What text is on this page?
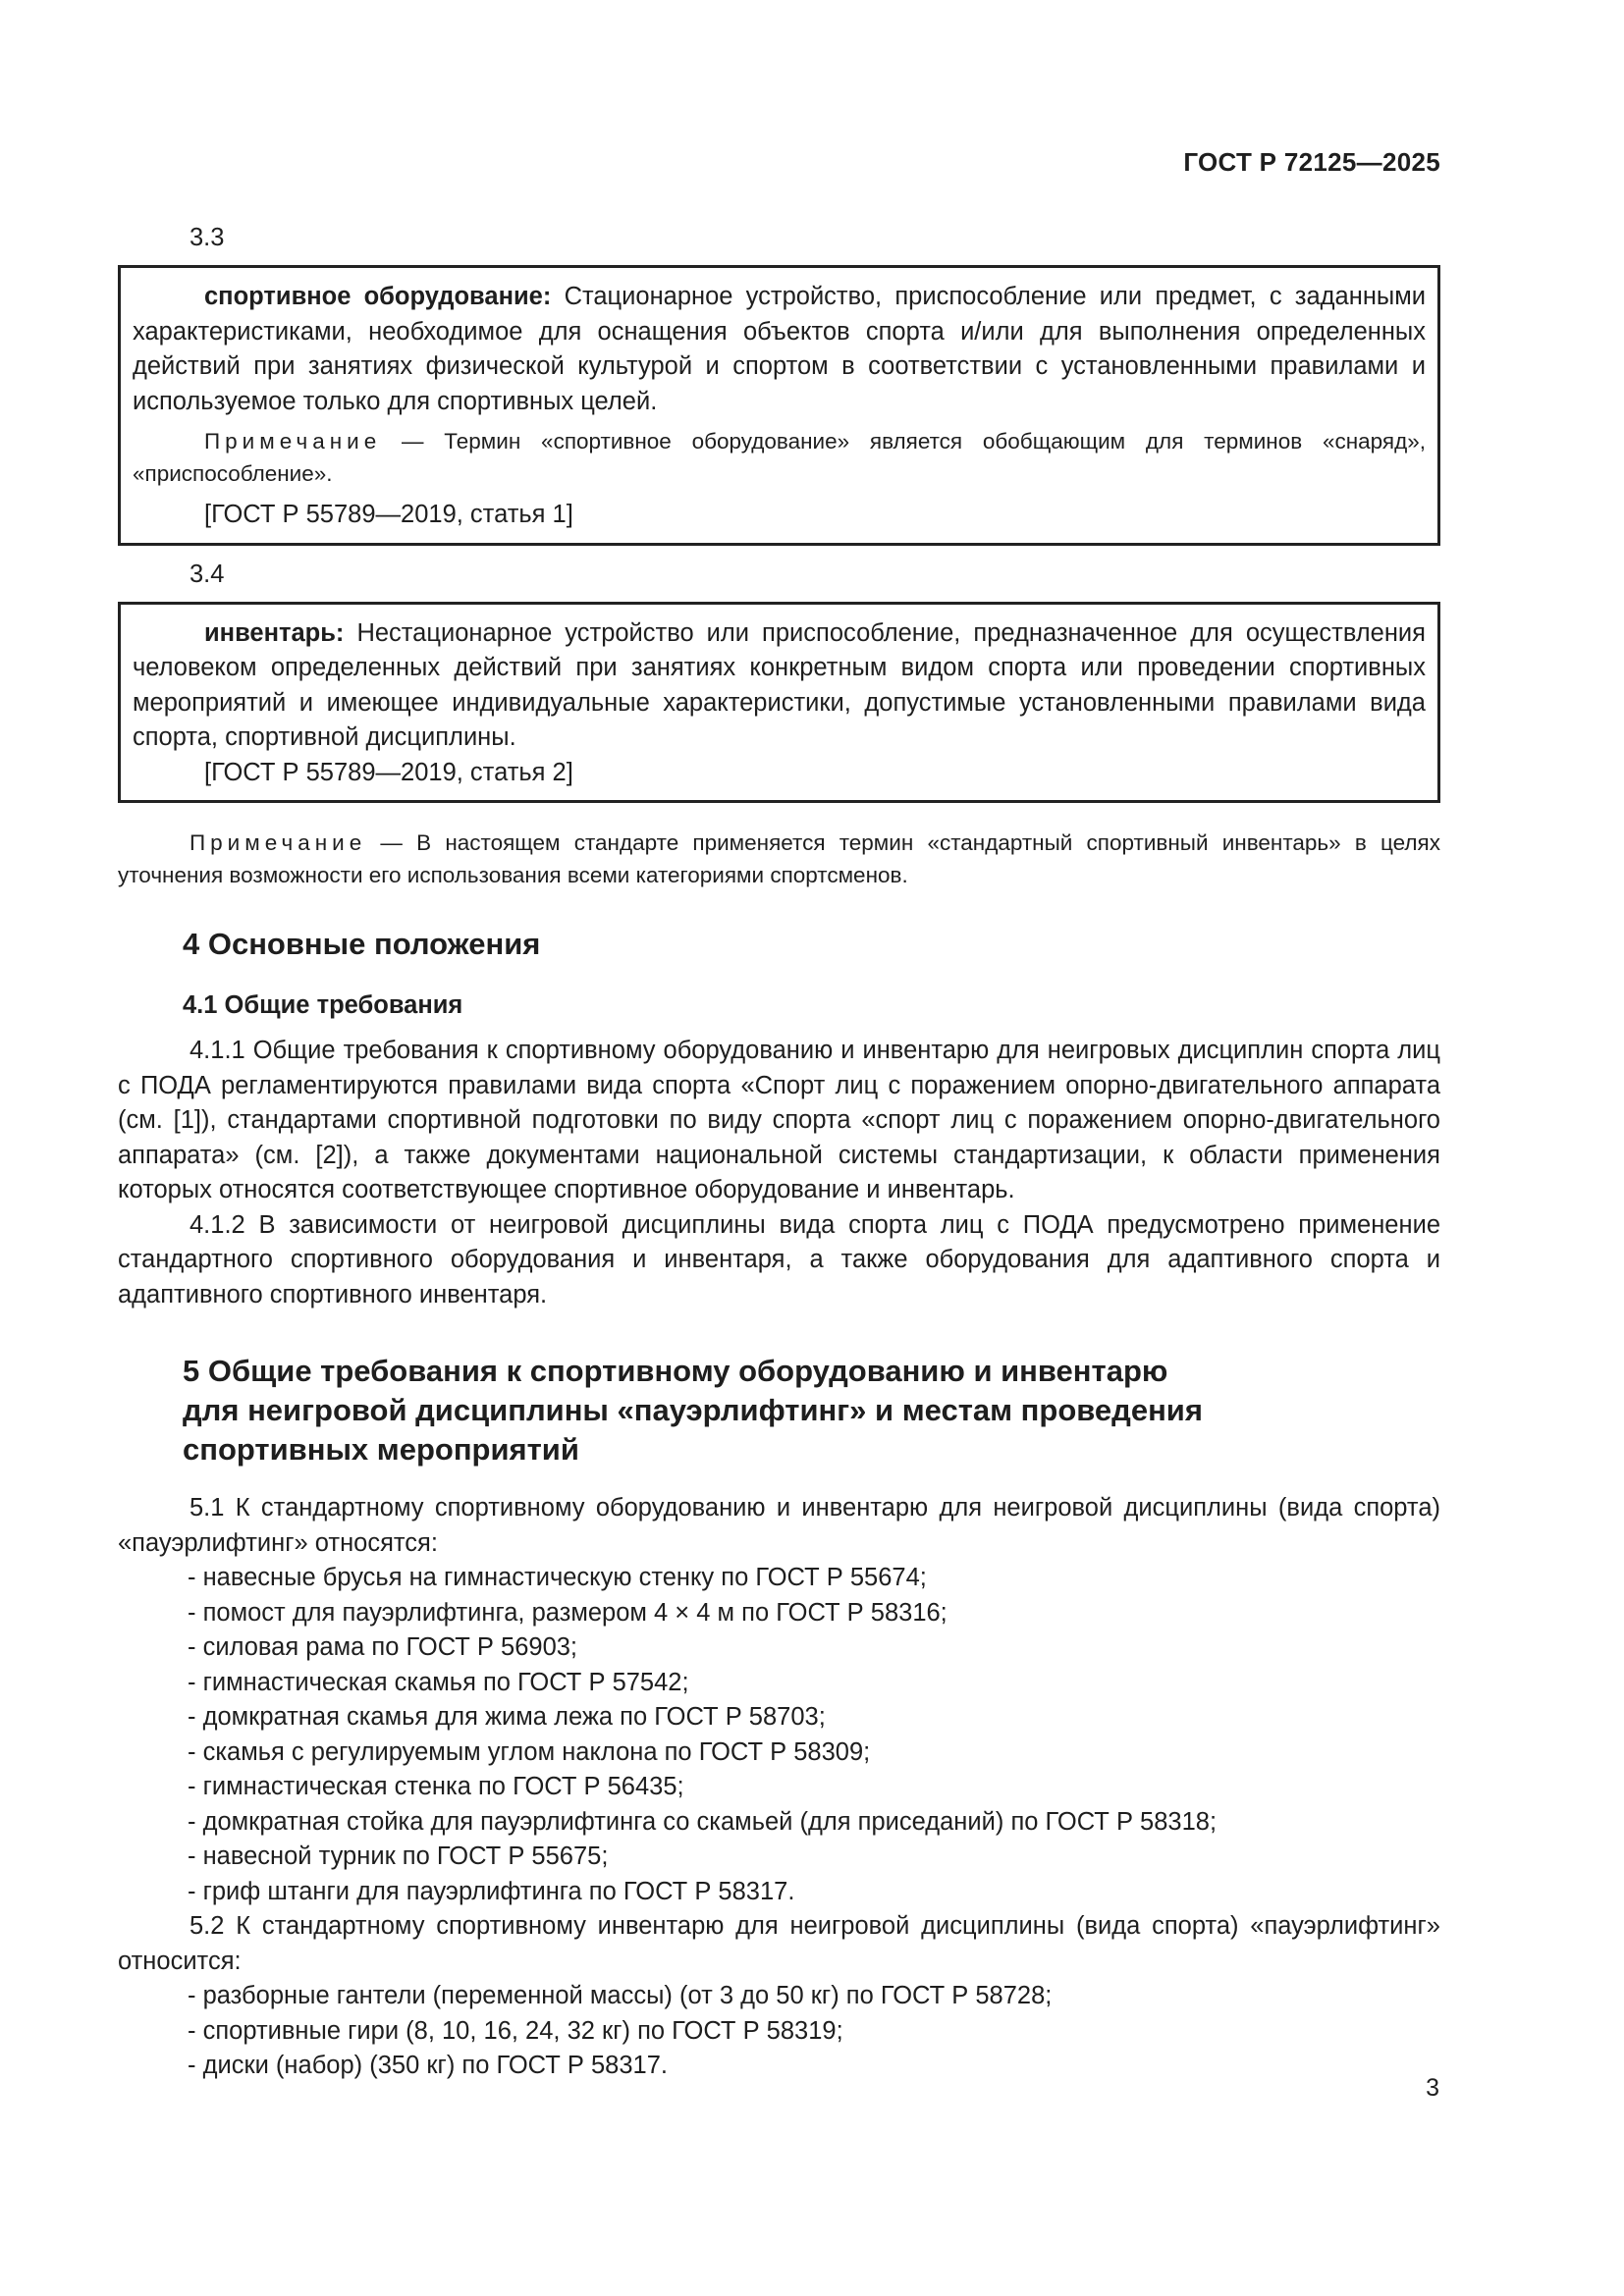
ГОСТ Р 72125—2025
3.3
спортивное оборудование: Стационарное устройство, приспособление или предмет, с заданными характеристиками, необходимое для оснащения объектов спорта и/или для выполнения определенных действий при занятиях физической культурой и спортом в соответствии с установленными правилами и используемое только для спортивных целей.
Примечание — Термин «спортивное оборудование» является обобщающим для терминов «снаряд», «приспособление».
[ГОСТ Р 55789—2019, статья 1]
3.4
инвентарь: Нестационарное устройство или приспособление, предназначенное для осуществления человеком определенных действий при занятиях конкретным видом спорта или проведении спортивных мероприятий и имеющее индивидуальные характеристики, допустимые установленными правилами вида спорта, спортивной дисциплины.
[ГОСТ Р 55789—2019, статья 2]
Примечание — В настоящем стандарте применяется термин «стандартный спортивный инвентарь» в целях уточнения возможности его использования всеми категориями спортсменов.
4 Основные положения
4.1 Общие требования
4.1.1 Общие требования к спортивному оборудованию и инвентарю для неигровых дисциплин спорта лиц с ПОДА регламентируются правилами вида спорта «Спорт лиц с поражением опорно-двигательного аппарата (см. [1]), стандартами спортивной подготовки по виду спорта «спорт лиц с поражением опорно-двигательного аппарата» (см. [2]), а также документами национальной системы стандартизации, к области применения которых относятся соответствующее спортивное оборудование и инвентарь.
4.1.2 В зависимости от неигровой дисциплины вида спорта лиц с ПОДА предусмотрено применение стандартного спортивного оборудования и инвентаря, а также оборудования для адаптивного спорта и адаптивного спортивного инвентаря.
5 Общие требования к спортивному оборудованию и инвентарю
для неигровой дисциплины «пауэрлифтинг» и местам проведения
спортивных мероприятий
5.1 К стандартному спортивному оборудованию и инвентарю для неигровой дисциплины (вида спорта) «пауэрлифтинг» относятся:
- навесные брусья на гимнастическую стенку по ГОСТ Р 55674;
- помост для пауэрлифтинга, размером 4 × 4 м по ГОСТ Р 58316;
- силовая рама по ГОСТ Р 56903;
- гимнастическая скамья по ГОСТ Р 57542;
- домкратная скамья для жима лежа по ГОСТ Р 58703;
- скамья с регулируемым углом наклона по ГОСТ Р 58309;
- гимнастическая стенка по ГОСТ Р 56435;
- домкратная стойка для пауэрлифтинга со скамьей (для приседаний) по ГОСТ Р 58318;
- навесной турник по ГОСТ Р 55675;
- гриф штанги для пауэрлифтинга по ГОСТ Р 58317.
5.2 К стандартному спортивному инвентарю для неигровой дисциплины (вида спорта) «пауэрлифтинг» относится:
- разборные гантели (переменной массы) (от 3 до 50 кг) по ГОСТ Р 58728;
- спортивные гири (8, 10, 16, 24, 32 кг) по ГОСТ Р 58319;
- диски (набор) (350 кг) по ГОСТ Р 58317.
3
